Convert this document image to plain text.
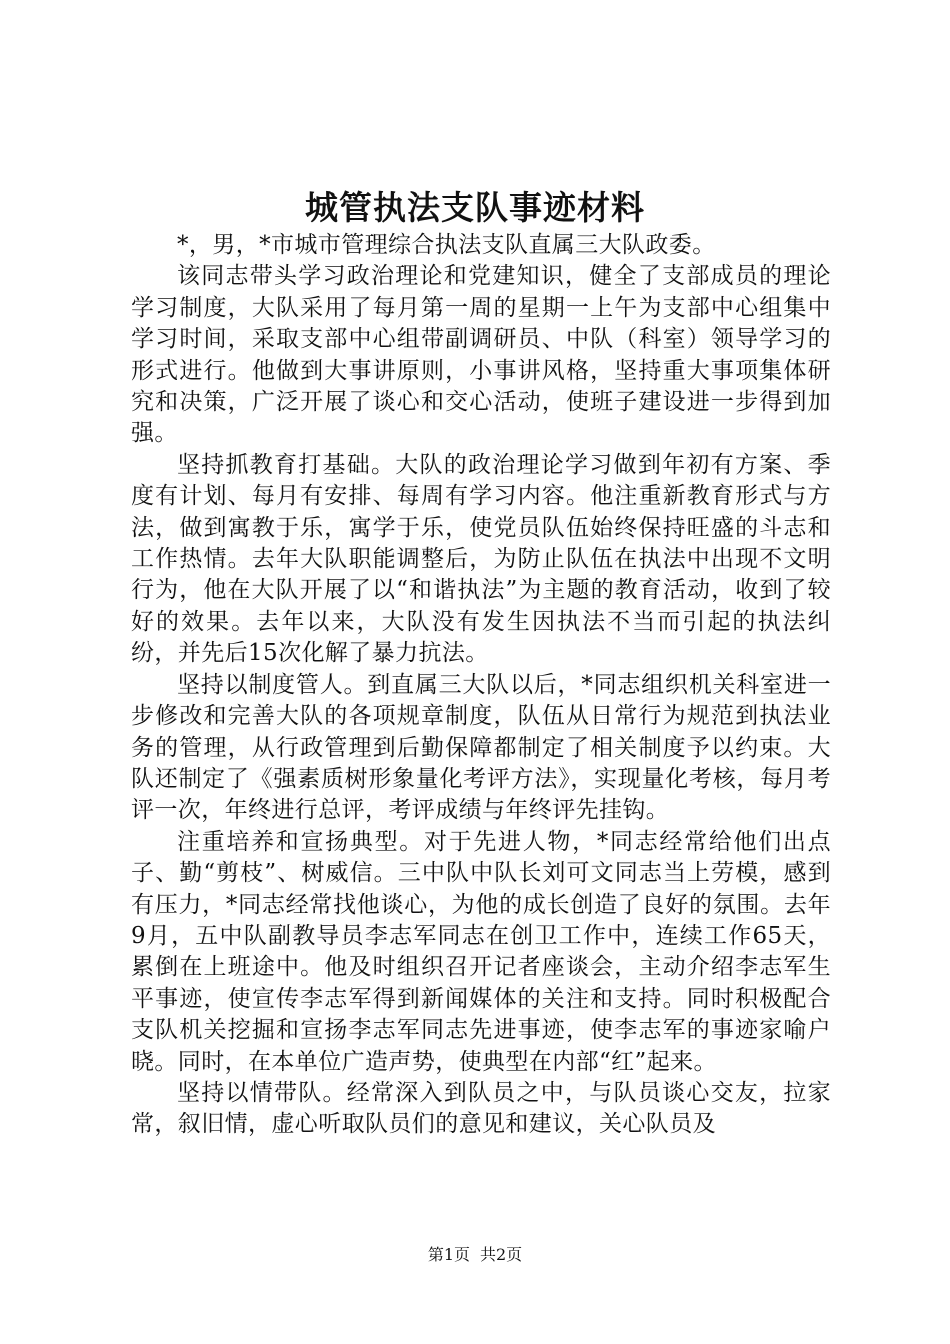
城管执法支队事迹材料

*，男，*市城市管理综合执法支队直属三大队政委。

该同志带头学习政治理论和党建知识，健全了支部成员的理论学习制度，大队采用了每月第一周的星期一上午为支部中心组集中学习时间，采取支部中心组带副调研员、中队（科室）领导学习的形式进行。他做到大事讲原则，小事讲风格，坚持重大事项集体研究和决策，广泛开展了谈心和交心活动，使班子建设进一步得到加强。

坚持抓教育打基础。大队的政治理论学习做到年初有方案、季度有计划、每月有安排、每周有学习内容。他注重新教育形式与方法，做到寓教于乐，寓学于乐，使党员队伍始终保持旺盛的斗志和工作热情。去年大队职能调整后，为防止队伍在执法中出现不文明行为，他在大队开展了以“和谐执法”为主题的教育活动，收到了较好的效果。去年以来，大队没有发生因执法不当而引起的执法纠纷，并先后15次化解了暴力抗法。

坚持以制度管人。到直属三大队以后，*同志组织机关科室进一步修改和完善大队的各项规章制度，队伍从日常行为规范到执法业务的管理，从行政管理到后勤保障都制定了相关制度予以约束。大队还制定了《强素质树形象量化考评方法》，实现量化考核，每月考评一次，年终进行总评，考评成绩与年终评先挂钩。

注重培养和宣扬典型。对于先进人物，*同志经常给他们出点子、勤“剪枝”、树威信。三中队中队长刘可文同志当上劳模，感到有压力，*同志经常找他谈心，为他的成长创造了良好的氛围。去年9月，五中队副教导员李志军同志在创卫工作中，连续工作65天，累倒在上班途中。他及时组织召开记者座谈会，主动介绍李志军生平事迹，使宣传李志军得到新闻媒体的关注和支持。同时积极配合支队机关挖掘和宣扬李志军同志先进事迹，使李志军的事迹家喻户晓。同时，在本单位广造声势，使典型在内部“红”起来。

坚持以情带队。经常深入到队员之中，与队员谈心交友，拉家常，叙旧情，虚心听取队员们的意见和建议，关心队员及

第1页 共2页
